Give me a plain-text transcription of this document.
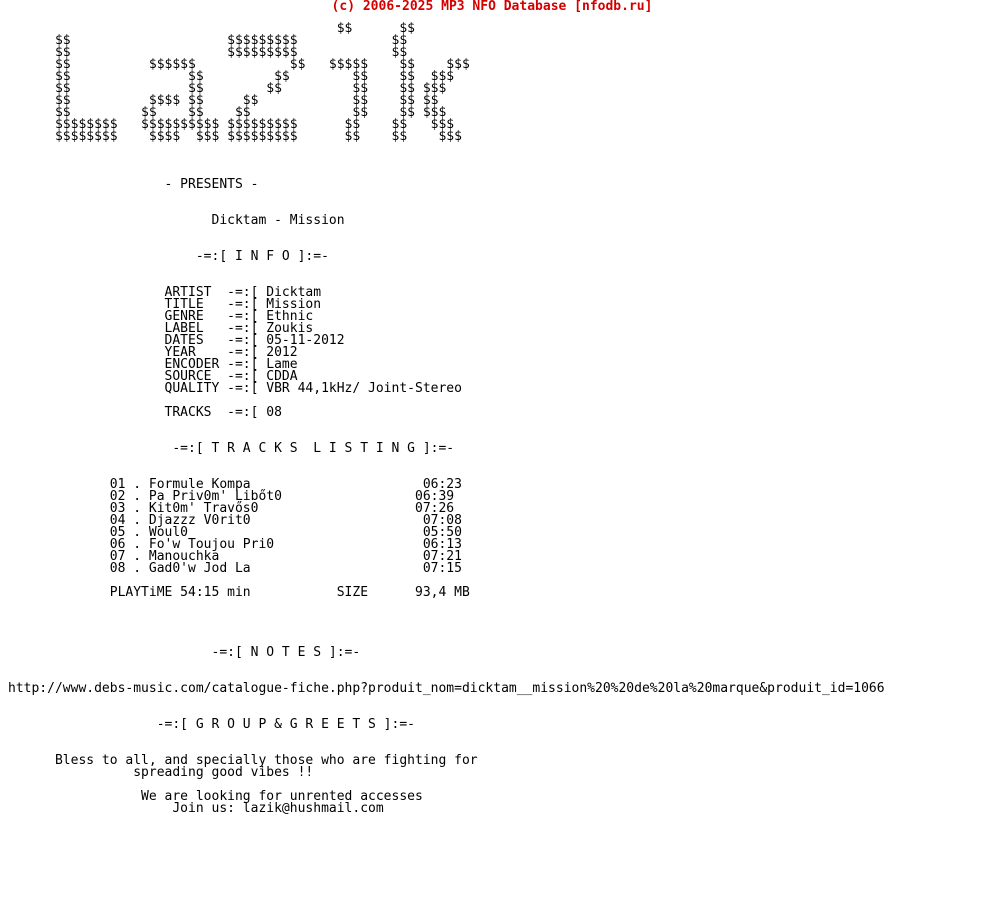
(c) 2006-2025 MP3 NFO Database [nfodb.ru]
$$      $$
$$                    $$$$$$$$$            $$
$$                    $$$$$$$$$            $$
$$          $$$$$$            $$   $$$$$    $$    $$$
$$               $$         $$        $$    $$  $$$
$$               $$        $$         $$    $$ $$$
$$          $$$$ $$     $$            $$    $$ $$
$$         $$    $$    $$             $$    $$ $$$
$$$$$$$$   $$$$$$$$$$ $$$$$$$$$      $$    $$   $$$
$$$$$$$$    $$$$  $$$ $$$$$$$$$      $$    $$    $$$

- PRESENTS -

Dicktam - Mission

-=:[ I N F O ]:=-

ARTIST  -=:[ Dicktam
TITLE   -=:[ Mission
GENRE   -=:[ Ethnic
LABEL   -=:[ Zoukis
DATES   -=:[ 05-11-2012
YEAR    -=:[ 2012
ENCODER -=:[ Lame
SOURCE  -=:[ CDDA
QUALITY -=:[ VBR 44,1kHz/ Joint-Stereo

TRACKS  -=:[ 08

-=:[ T R A C K S  L I S T I N G ]:=-

01 . Formule Kompa                      06:23
02 . Pa Priv0m' Libőt0                 06:39
03 . Kit0m' Travős0                    07:26
04 . Djazzz V0rit0                      07:08
05 . Woul0                              05:50
06 . Fo'w Toujou Pri0                   06:13
07 . Manouchka                          07:21
08 . Gad0'w Jod La                      07:15

PLAYTiME 54:15 min           SIZE      93,4 MB

-=:[ N O T E S ]:=-

http://www.debs-music.com/catalogue-fiche.php?produit_nom=dicktam__mission%20%20de%20la%20marque&produit_id=1066

-=:[ G R O U P & G R E E T S ]:=-

Bless to all, and specially those who are fighting for
spreading good vibes !!

We are looking for unrented accesses
Join us: lazik@hushmail.com
